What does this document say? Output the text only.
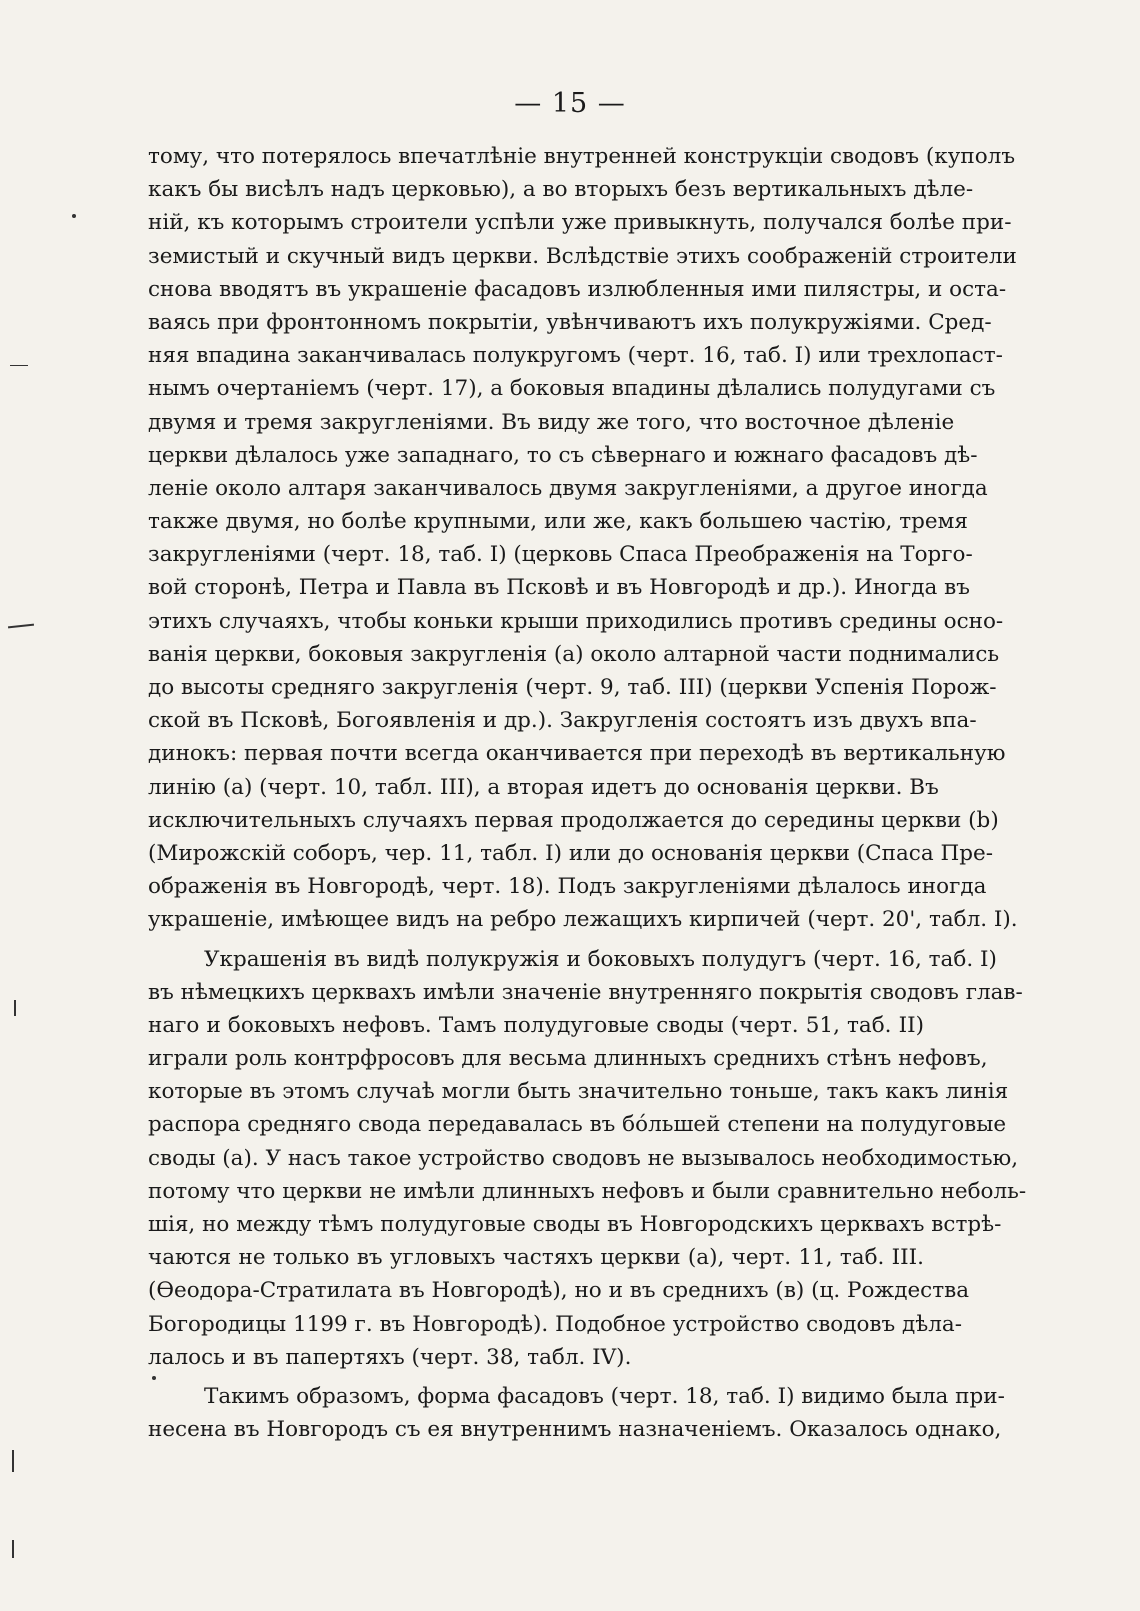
— 15 —
тому, что потерялось впечатлѣніе внутренней конструкціи сводовъ (куполъ
какъ бы висѣлъ надъ церковью), а во вторыхъ безъ вертикальныхъ дѣле-
ній, къ которымъ строители успѣли уже привыкнуть, получался болѣе при-
земистый и скучный видъ церкви. Вслѣдствіе этихъ соображеній строители
снова вводятъ въ украшеніе фасадовъ излюбленныя ими пилястры, и оста-
ваясь при фронтонномъ покрытіи, увѣнчиваютъ ихъ полукружіями. Сред-
няя впадина заканчивалась полукругомъ (черт. 16, таб. I) или трехлопаст-
нымъ очертаніемъ (черт. 17), а боковыя впадины дѣлались полудугами съ
двумя и тремя закругленіями. Въ виду же того, что восточное дѣленіе
церкви дѣлалось уже западнаго, то съ сѣвернаго и южнаго фасадовъ дѣ-
леніе около алтаря заканчивалось двумя закругленіями, а другое иногда
также двумя, но болѣе крупными, или же, какъ большею частію, тремя
закругленіями (черт. 18, таб. I) (церковь Спаса Преображенія на Торго-
вой сторонѣ, Петра и Павла въ Псковѣ и въ Новгородѣ и др.). Иногда въ
этихъ случаяхъ, чтобы коньки крыши приходились противъ средины осно-
ванія церкви, боковыя закругленія (a) около алтарной части поднимались
до высоты средняго закругленія (черт. 9, таб. III) (церкви Успенія Порож-
ской въ Псковѣ, Богоявленія и др.). Закругленія состоятъ изъ двухъ впа-
динокъ: первая почти всегда оканчивается при переходѣ въ вертикальную
линію (a) (черт. 10, табл. III), а вторая идетъ до основанія церкви. Въ
исключительныхъ случаяхъ первая продолжается до середины церкви (b)
(Мирожскій соборъ, чер. 11, табл. I) или до основанія церкви (Спаса Пре-
ображенія въ Новгородѣ, черт. 18). Подъ закругленіями дѣлалось иногда
украшеніе, имѣющее видъ на ребро лежащихъ кирпичей (черт. 20', табл. I).
Украшенія въ видѣ полукружія и боковыхъ полудугъ (черт. 16, таб. I)
въ нѣмецкихъ церквахъ имѣли значеніе внутренняго покрытія сводовъ глав-
наго и боковыхъ нефовъ. Тамъ полудуговые своды (черт. 51, таб. II)
играли роль контрфросовъ для весьма длинныхъ среднихъ стѣнъ нефовъ,
которые въ этомъ случаѣ могли быть значительно тоньше, такъ какъ линія
распора средняго свода передавалась въ бóльшей степени на полудуговые
своды (a). У насъ такое устройство сводовъ не вызывалось необходимостью,
потому что церкви не имѣли длинныхъ нефовъ и были сравнительно неболь-
шія, но между тѣмъ полудуговые своды въ Новгородскихъ церквахъ встрѣ-
чаются не только въ угловыхъ частяхъ церкви (a), черт. 11, таб. III.
(Ѳеодора-Стратилата въ Новгородѣ), но и въ среднихъ (в) (ц. Рождества
Богородицы 1199 г. въ Новгородѣ). Подобное устройство сводовъ дѣла-
лалось и въ папертяхъ (черт. 38, табл. IV).
Такимъ образомъ, форма фасадовъ (черт. 18, таб. I) видимо была при-
несена въ Новгородъ съ ея внутреннимъ назначеніемъ. Оказалось однако,
